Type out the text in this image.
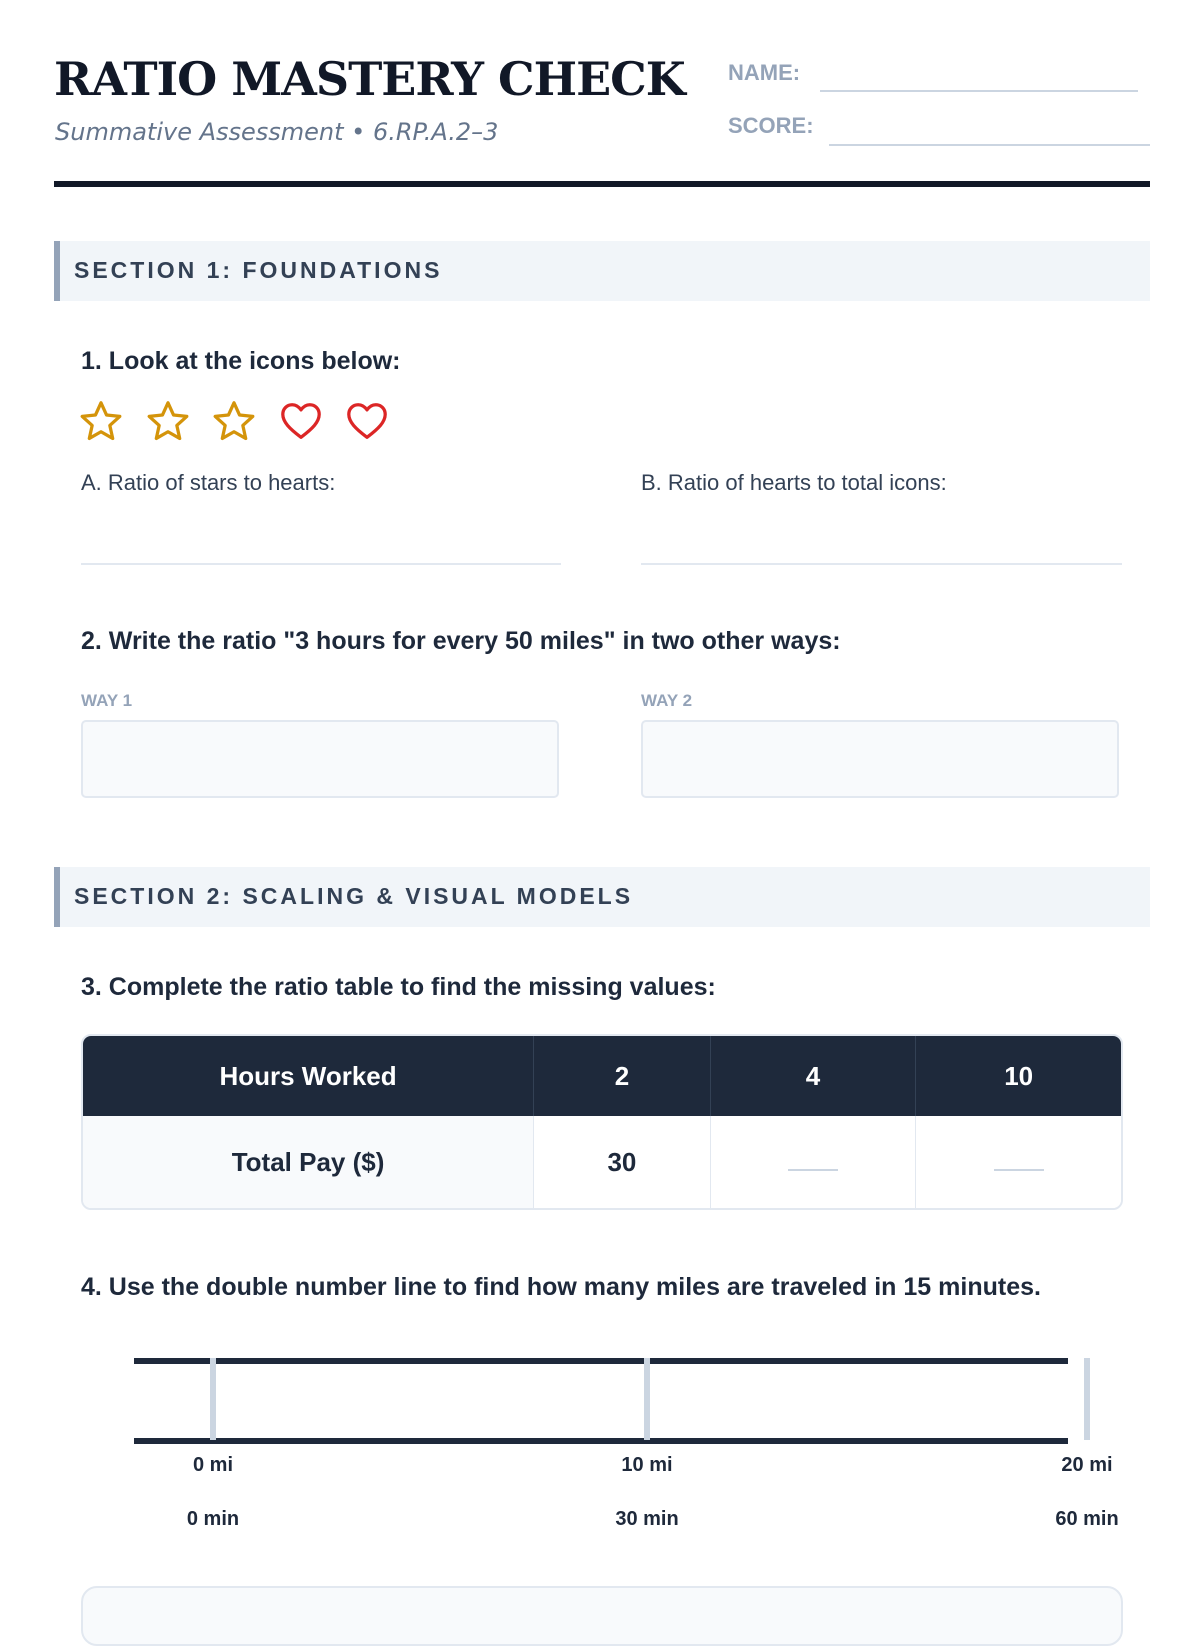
RATIO MASTERY CHECK
Summative Assessment • 6.RP.A.2–3
NAME:
SCORE:
SECTION 1: FOUNDATIONS
1. Look at the icons below:
A. Ratio of stars to hearts:	B. Ratio of hearts to total icons:
2. Write the ratio "3 hours for every 50 miles" in two other ways:
WAY 1	WAY 2
SECTION 2: SCALING & VISUAL MODELS
3. Complete the ratio table to find the missing values:
Hours Worked	2	4	10
Total Pay ($)	30		
4. Use the double number line to find how many miles are traveled in 15 minutes.
0 mi	10 mi	20 mi
0 min	30 min	60 min
